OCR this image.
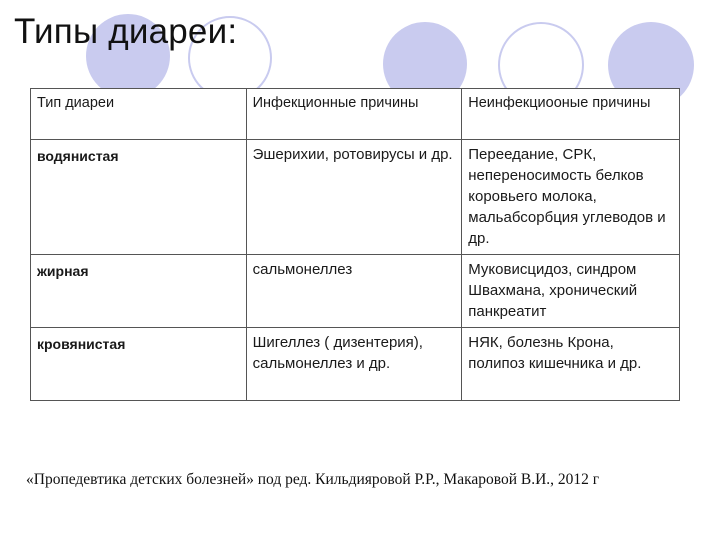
Типы диареи:
Тип диареи	Инфекционные причины	Неинфекциооные причины
водянистая	Эшерихии, ротовирусы и др.	Переедание, СРК, непереносимость белков коровьего молока, мальабсорбция углеводов и др.
жирная	сальмонеллез	Муковисцидоз, синдром Швахмана, хронический панкреатит
кровянистая	Шигеллез ( дизентерия), сальмонеллез и др.	НЯК, болезнь Крона, полипоз кишечника и др.
«Пропедевтика детских болезней» под ред. Кильдияровой Р.Р., Макаровой В.И., 2012 г
